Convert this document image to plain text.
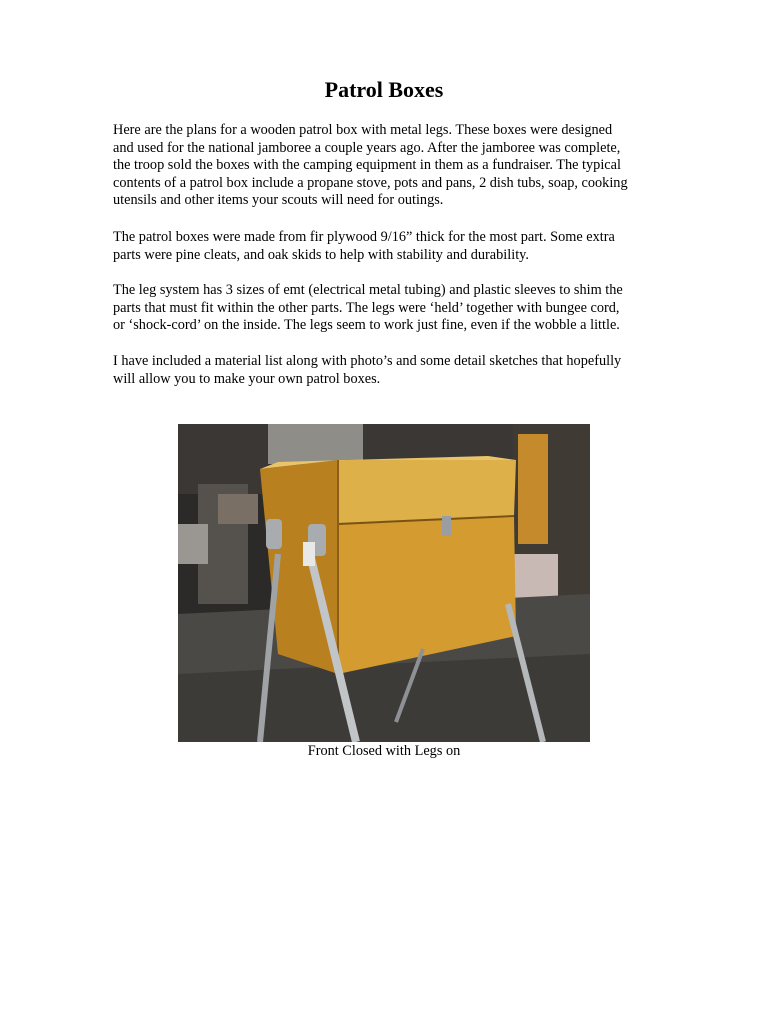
Patrol Boxes

Here are the plans for a wooden patrol box with metal legs. These boxes were designed
and used for the national jamboree a couple years ago. After the jamboree was complete,
the troop sold the boxes with the camping equipment in them as a fundraiser. The typical
contents of a patrol box include a propane stove, pots and pans, 2 dish tubs, soap, cooking
utensils and other items your scouts will need for outings.

The patrol boxes were made from fir plywood 9/16” thick for the most part. Some extra
parts were pine cleats, and oak skids to help with stability and durability.

The leg system has 3 sizes of emt (electrical metal tubing) and plastic sleeves to shim the
parts that must fit within the other parts. The legs were ‘held’ together with bungee cord,
or ‘shock-cord’ on the inside. The legs seem to work just fine, even if the wobble a little.

I have included a material list along with photo’s and some detail sketches that hopefully
will allow you to make your own patrol boxes.

Front Closed with Legs on
